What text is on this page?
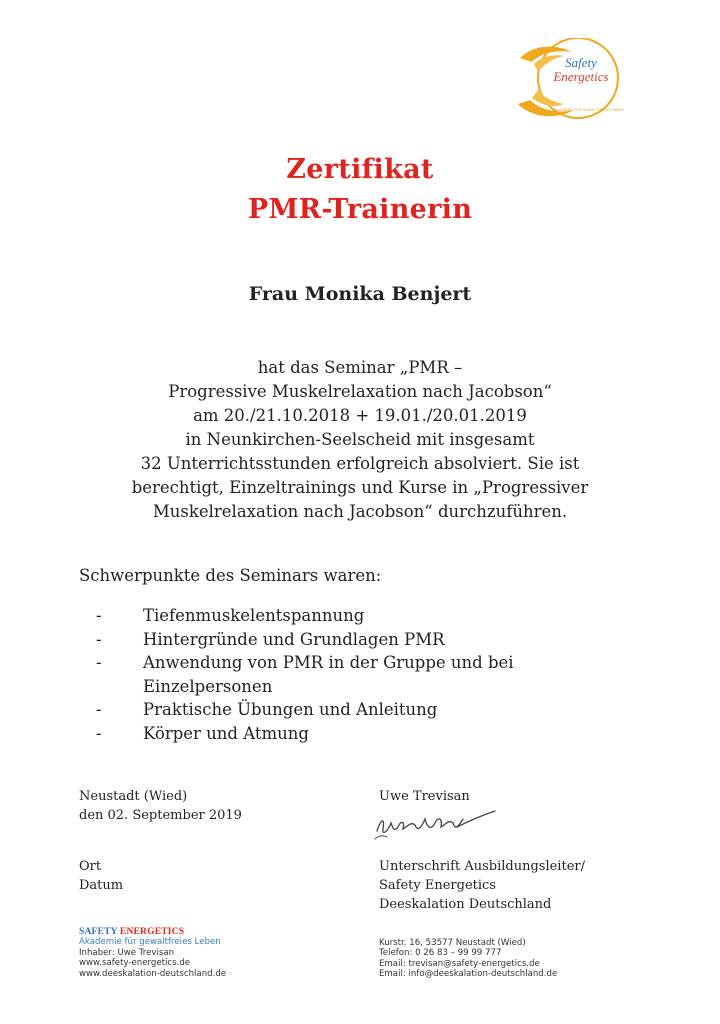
Safety
Energetics
AKADEMIE FÜR GEWALTFREIES LEBEN
Zertifikat
PMR-Trainerin
Frau Monika Benjert
hat das Seminar „PMR –
Progressive Muskelrelaxation nach Jacobson“
am 20./21.10.2018 + 19.01./20.01.2019
in Neunkirchen-Seelscheid mit insgesamt
32 Unterrichtsstunden erfolgreich absolviert. Sie ist
berechtigt, Einzeltrainings und Kurse in „Progressiver
Muskelrelaxation nach Jacobson“ durchzuführen.
Schwerpunkte des Seminars waren:
-	Tiefenmuskelentspannung
-	Hintergründe und Grundlagen PMR
-	Anwendung von PMR in der Gruppe und bei Einzelpersonen
-	Praktische Übungen und Anleitung
-	Körper und Atmung
Neustadt (Wied)
den 02. September 2019
Ort
Datum
Uwe Trevisan
Unterschrift Ausbildungsleiter/
Safety Energetics
Deeskalation Deutschland
SAFETY ENERGETICS
Akademie für gewaltfreies Leben
Inhaber: Uwe Trevisan
www.safety-energetics.de
www.deeskalation-deutschland.de
Kurstr. 16, 53577 Neustadt (Wied)
Telefon: 0 26 83 – 99 99 777
Email: trevisan@safety-energetics.de
Email: info@deeskalation-deutschland.de
